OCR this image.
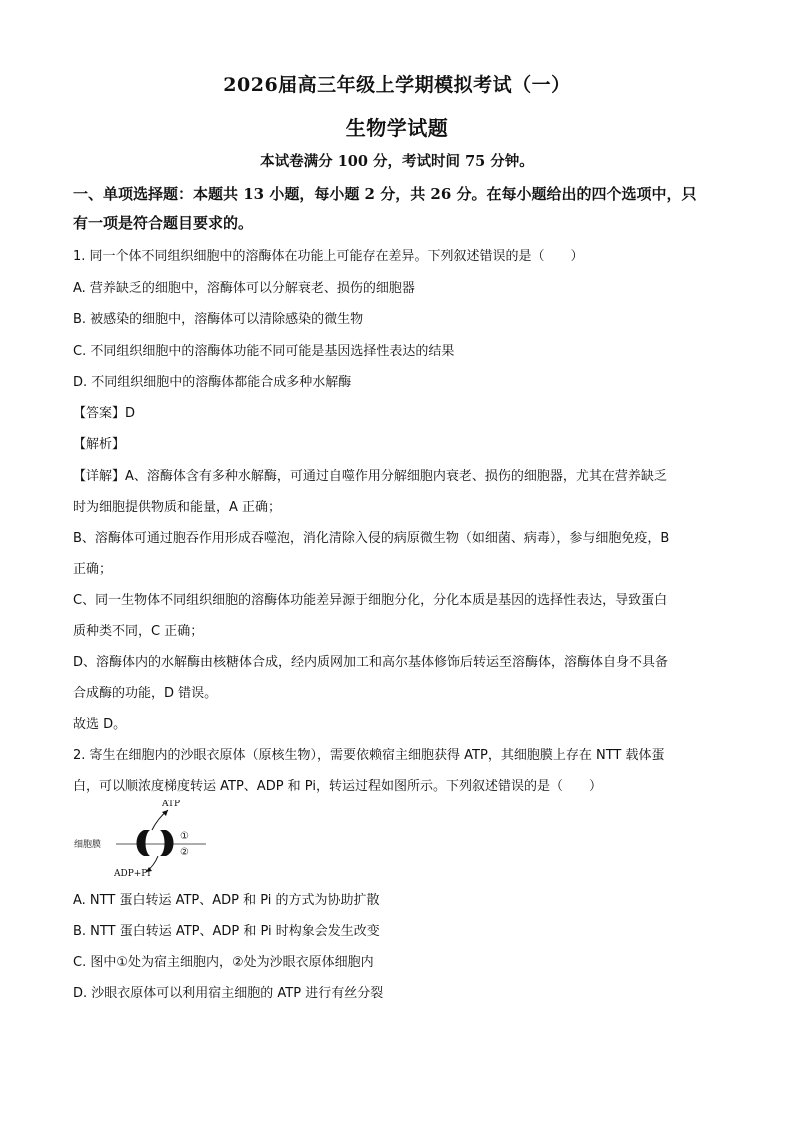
2026届高三年级上学期模拟考试（一）
生物学试题
本试卷满分 100 分，考试时间 75 分钟。
一、单项选择题：本题共 13 小题，每小题 2 分，共 26 分。在每小题给出的四个选项中，只
有一项是符合题目要求的。
1. 同一个体不同组织细胞中的溶酶体在功能上可能存在差异。下列叙述错误的是（　　）
A. 营养缺乏的细胞中，溶酶体可以分解衰老、损伤的细胞器
B. 被感染的细胞中，溶酶体可以清除感染的微生物
C. 不同组织细胞中的溶酶体功能不同可能是基因选择性表达的结果
D. 不同组织细胞中的溶酶体都能合成多种水解酶
【答案】D
【解析】
【详解】A、溶酶体含有多种水解酶，可通过自噬作用分解细胞内衰老、损伤的细胞器，尤其在营养缺乏
时为细胞提供物质和能量，A 正确；
B、溶酶体可通过胞吞作用形成吞噬泡，消化清除入侵的病原微生物（如细菌、病毒），参与细胞免疫，B
正确；
C、同一生物体不同组织细胞的溶酶体功能差异源于细胞分化，分化本质是基因的选择性表达，导致蛋白
质种类不同，C 正确；
D、溶酶体内的水解酶由核糖体合成，经内质网加工和高尔基体修饰后转运至溶酶体，溶酶体自身不具备
合成酶的功能，D 错误。
故选 D。
2. 寄生在细胞内的沙眼衣原体（原核生物），需要依赖宿主细胞获得 ATP，其细胞膜上存在 NTT 载体蛋
白，可以顺浓度梯度转运 ATP、ADP 和 Pi，转运过程如图所示。下列叙述错误的是（　　）
ATP
细胞膜
①
②
ADP+Pi
A. NTT 蛋白转运 ATP、ADP 和 Pi 的方式为协助扩散
B. NTT 蛋白转运 ATP、ADP 和 Pi 时构象会发生改变
C. 图中①处为宿主细胞内，②处为沙眼衣原体细胞内
D. 沙眼衣原体可以利用宿主细胞的 ATP 进行有丝分裂
